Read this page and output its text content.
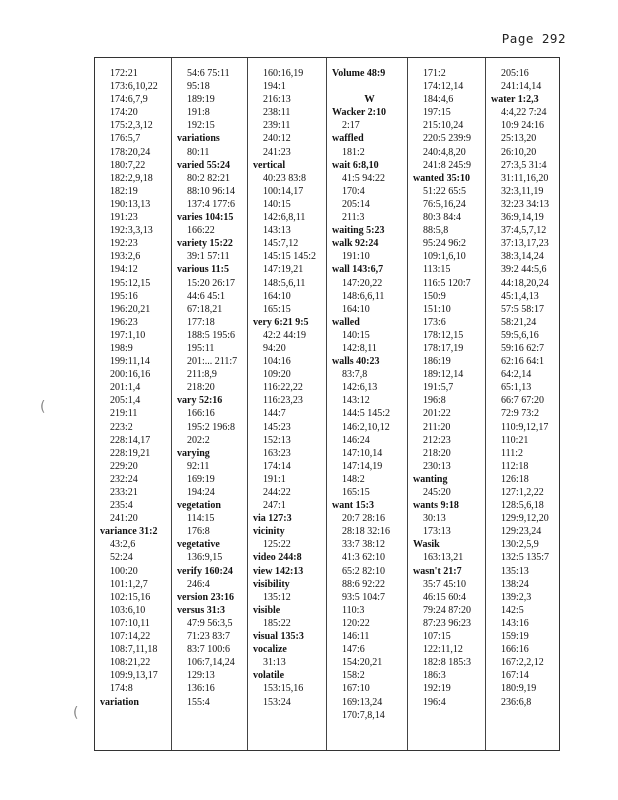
Page 292
(
(
172:21
173:6,10,22
174:6,7,9
174:20
175:2,3,12
176:5,7
178:20,24
180:7,22
182:2,9,18
182:19
190:13,13
191:23
192:3,3,13
192:23
193:2,6
194:12
195:12,15
195:16
196:20,21
196:23
197:1,10
198:9
199:11,14
200:16,16
201:1,4
205:1,4
219:11
223:2
228:14,17
228:19,21
229:20
232:24
233:21
235:4
241:20
variance 31:2
43:2,6
52:24
100:20
101:1,2,7
102:15,16
103:6,10
107:10,11
107:14,22
108:7,11,18
108:21,22
109:9,13,17
174:8
variation
54:6 75:11
95:18
189:19
191:8
192:15
variations
80:11
varied 55:24
80:2 82:21
88:10 96:14
137:4 177:6
varies 104:15
166:22
variety 15:22
39:1 57:11
various 11:5
15:20 26:17
44:6 45:1
67:18,21
177:18
188:5 195:6
195:11
201:... 211:7
211:8,9
218:20
vary 52:16
166:16
195:2 196:8
202:2
varying
92:11
169:19
194:24
vegetation
114:15
176:8
vegetative
136:9,15
verify 160:24
246:4
version 23:16
versus 31:3
47:9 56:3,5
71:23 83:7
83:7 100:6
106:7,14,24
129:13
136:16
155:4
160:16,19
194:1
216:13
238:11
239:11
240:12
241:23
vertical
40:23 83:8
100:14,17
140:15
142:6,8,11
143:13
145:7,12
145:15 145:2
147:19,21
148:5,6,11
164:10
165:15
very 6:21 9:5
42:2 44:19
94:20
104:16
109:20
116:22,22
116:23,23
144:7
145:23
152:13
163:23
174:14
191:1
244:22
247:1
via 127:3
vicinity
125:22
video 244:8
view 142:13
visibility
135:12
visible
185:22
visual 135:3
vocalize
31:13
volatile
153:15,16
153:24
Volume 48:9
W
Wacker 2:10
2:17
waffled
181:2
wait 6:8,10
41:5 94:22
170:4
205:14
211:3
waiting 5:23
walk 92:24
191:10
wall 143:6,7
147:20,22
148:6,6,11
164:10
walled
140:15
142:8,11
walls 40:23
83:7,8
142:6,13
143:12
144:5 145:2
146:2,10,12
146:24
147:10,14
147:14,19
148:2
165:15
want 15:3
20:7 28:16
28:18 32:16
33:7 38:12
41:3 62:10
65:2 82:10
88:6 92:22
93:5 104:7
110:3
120:22
146:11
147:6
154:20,21
158:2
167:10
169:13,24
170:7,8,14
171:2
174:12,14
184:4,6
197:15
215:10,24
220:5 239:9
240:4,8,20
241:8 245:9
wanted 35:10
51:22 65:5
76:5,16,24
80:3 84:4
88:5,8
95:24 96:2
109:1,6,10
113:15
116:5 120:7
150:9
151:10
173:6
178:12,15
178:17,19
186:19
189:12,14
191:5,7
196:8
201:22
211:20
212:23
218:20
230:13
wanting
245:20
wants 9:18
30:13
173:13
Wasik
163:13,21
wasn't 21:7
35:7 45:10
46:15 60:4
79:24 87:20
87:23 96:23
107:15
122:11,12
182:8 185:3
186:3
192:19
196:4
205:16
241:14,14
water 1:2,3
4:4,22 7:24
10:9 24:16
25:13,20
26:10,20
27:3,5 31:4
31:11,16,20
32:3,11,19
32:23 34:13
36:9,14,19
37:4,5,7,12
37:13,17,23
38:3,14,24
39:2 44:5,6
44:18,20,24
45:1,4,13
57:5 58:17
58:21,24
59:5,6,16
59:16 62:7
62:16 64:1
64:2,14
65:1,13
66:7 67:20
72:9 73:2
110:9,12,17
110:21
111:2
112:18
126:18
127:1,2,22
128:5,6,18
129:9,12,20
129:23,24
130:2,5,9
132:5 135:7
135:13
138:24
139:2,3
142:5
143:16
159:19
166:16
167:2,2,12
167:14
180:9,19
236:6,8
